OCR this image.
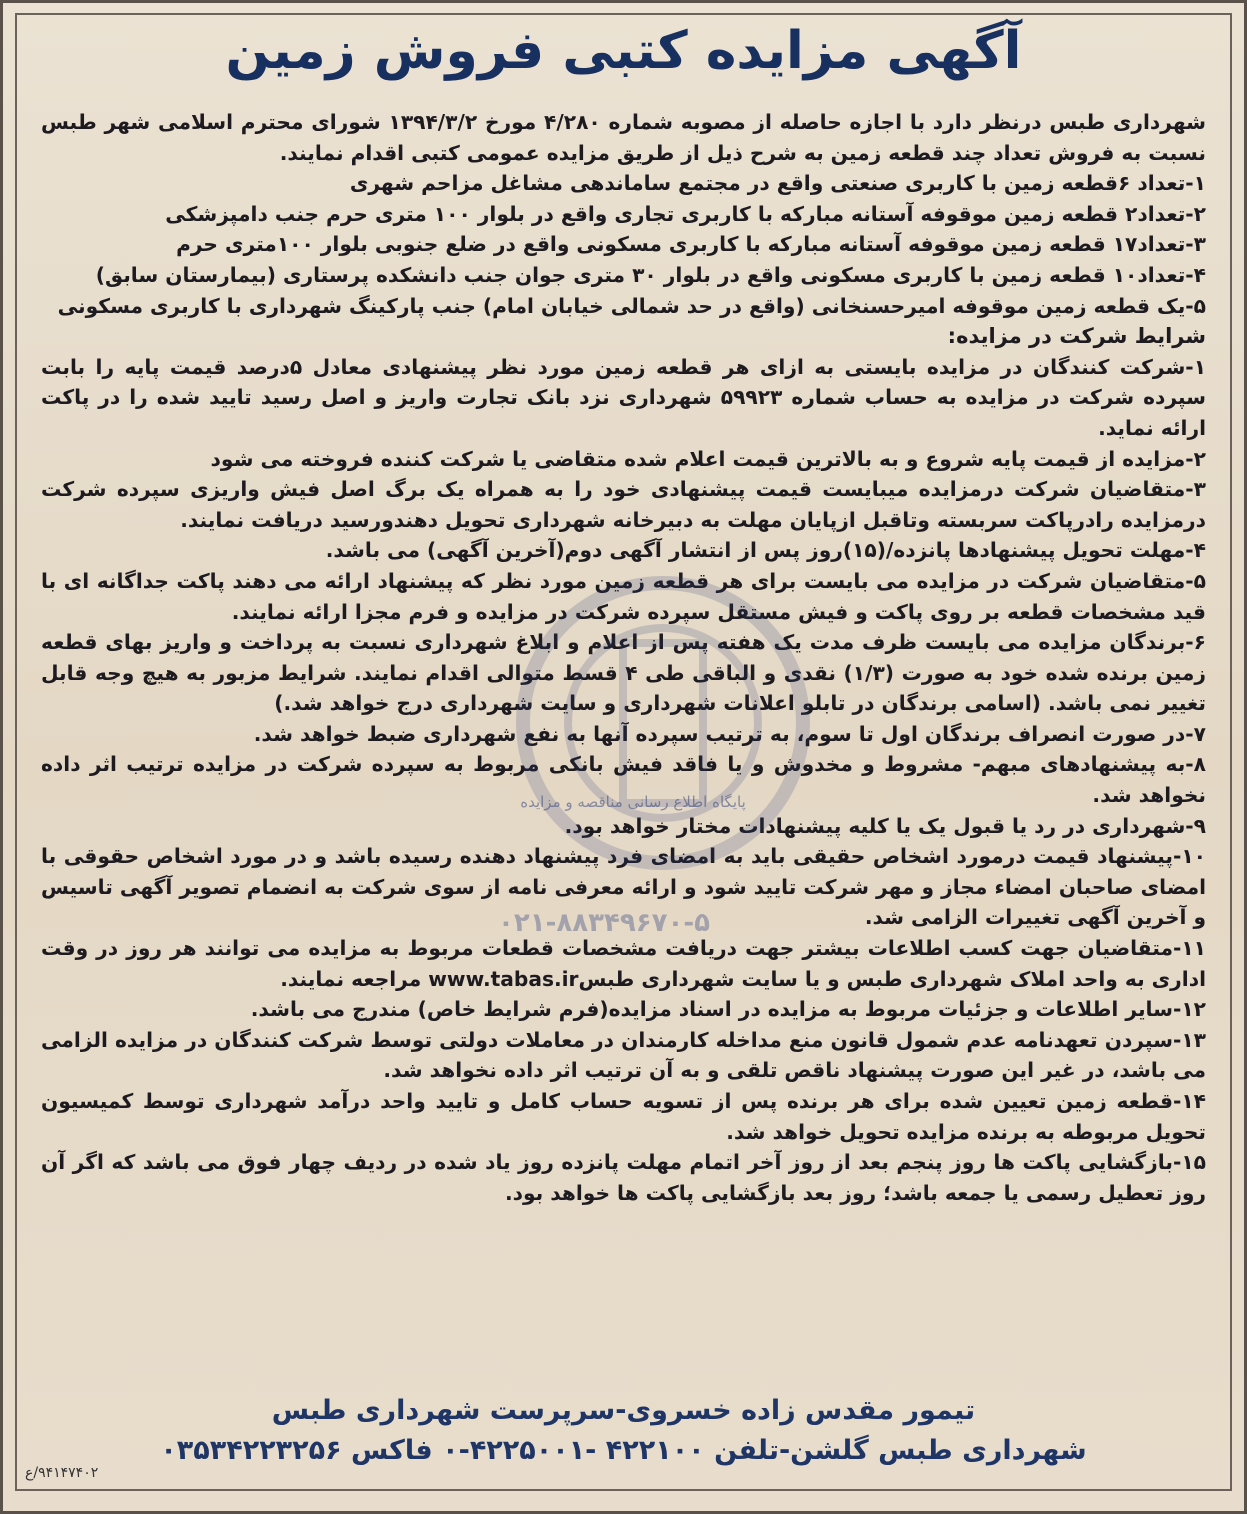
آگهی مزایده کتبی فروش زمین

شهرداری طبس درنظر دارد با اجازه حاصله از مصوبه شماره ۴/۲۸۰ مورخ ۱۳۹۴/۳/۲ شورای محترم اسلامی شهر طبس نسبت به فروش تعداد چند قطعه زمین به شرح ذیل از طریق مزایده عمومی کتبی اقدام نمایند.

۱-تعداد ۶قطعه زمین با کاربری صنعتی واقع در مجتمع ساماندهی مشاغل مزاحم شهری

۲-تعداد۲ قطعه زمین موقوفه آستانه مبارکه با کاربری تجاری واقع در بلوار ۱۰۰ متری حرم جنب دامپزشکی

۳-تعداد۱۷ قطعه زمین موقوفه آستانه مبارکه با کاربری مسکونی واقع در ضلع جنوبی بلوار ۱۰۰متری حرم

۴-تعداد۱۰ قطعه زمین با کاربری مسکونی واقع در بلوار ۳۰ متری جوان جنب دانشکده پرستاری (بیمارستان سابق)

۵-یک قطعه زمین موقوفه امیرحسنخانی (واقع در حد شمالی خیابان امام) جنب پارکینگ شهرداری با کاربری مسکونی

شرایط شرکت در مزایده:

۱-شرکت کنندگان در مزایده بایستی به ازای هر قطعه زمین مورد نظر پیشنهادی معادل ۵درصد قیمت پایه را بابت سپرده شرکت در مزایده به حساب شماره ۵۹۹۲۳ شهرداری نزد بانک تجارت واریز و اصل رسید تایید شده را در پاکت ارائه نماید.

۲-مزایده از قیمت پایه شروع و به بالاترین قیمت اعلام شده متقاضی یا شرکت کننده فروخته می شود

۳-متقاضیان شرکت درمزایده میبایست قیمت پیشنهادی خود را به همراه یک برگ اصل فیش واریزی سپرده شرکت درمزایده رادرپاکت سربسته وتاقبل ازپایان مهلت به دبیرخانه شهرداری تحویل دهندورسید دریافت نمایند.

۴-مهلت تحویل پیشنهادها پانزده/(۱۵)روز پس از انتشار آگهی دوم(آخرین آگهی) می باشد.

۵-متقاضیان شرکت در مزایده می بایست برای هر قطعه زمین مورد نظر که پیشنهاد ارائه می دهند پاکت جداگانه ای با قید مشخصات قطعه بر روی پاکت و فیش مستقل سپرده شرکت در مزایده و فرم مجزا ارائه نمایند.

۶-برندگان مزایده می بایست ظرف مدت یک هفته پس از اعلام و ابلاغ شهرداری نسبت به پرداخت و واریز بهای قطعه زمین برنده شده خود به صورت (۱/۳) نقدی و الباقی طی ۴ قسط متوالی اقدام نمایند. شرایط مزبور به هیچ وجه قابل تغییر نمی باشد. (اسامی برندگان در تابلو اعلانات شهرداری و سایت شهرداری درج خواهد شد.)

۷-در صورت انصراف برندگان اول تا سوم، به ترتیب سپرده آنها به نفع شهرداری ضبط خواهد شد.

۸-به پیشنهادهای مبهم- مشروط و مخدوش و یا فاقد فیش بانکی مربوط به سپرده شرکت در مزایده ترتیب اثر داده نخواهد شد.

۹-شهرداری در رد یا قبول یک یا کلیه پیشنهادات مختار خواهد بود.

۱۰-پیشنهاد قیمت درمورد اشخاص حقیقی باید به امضای فرد پیشنهاد دهنده رسیده باشد و در مورد اشخاص حقوقی با امضای صاحبان امضاء مجاز و مهر شرکت تایید شود و ارائه معرفی نامه از سوی شرکت به انضمام تصویر آگهی تاسیس و آخرین آگهی تغییرات الزامی شد.

۱۱-متقاضیان جهت کسب اطلاعات بیشتر جهت دریافت مشخصات قطعات مربوط به مزایده می توانند هر روز در وقت اداری به واحد املاک شهرداری طبس و یا سایت شهرداری طبسwww.tabas.ir مراجعه نمایند.

۱۲-سایر اطلاعات و جزئیات مربوط به مزایده در اسناد مزایده(فرم شرایط خاص) مندرج می باشد.

۱۳-سپردن تعهدنامه عدم شمول قانون منع مداخله کارمندان در معاملات دولتی توسط شرکت کنندگان در مزایده الزامی می باشد، در غیر این صورت پیشنهاد ناقص تلقی و به آن ترتیب اثر داده نخواهد شد.

۱۴-قطعه زمین تعیین شده برای هر برنده پس از تسویه حساب کامل و تایید واحد درآمد شهرداری توسط کمیسیون تحویل مربوطه به برنده مزایده تحویل خواهد شد.

۱۵-بازگشایی پاکت ها روز پنجم بعد از روز آخر اتمام مهلت پانزده روز یاد شده در ردیف چهار فوق می باشد که اگر آن روز تعطیل رسمی یا جمعه باشد؛ روز بعد بازگشایی پاکت ها خواهد بود.

پایگاه اطلاع رسانی مناقصه و مزایده
۰۲۱-۸۸۳۴۹۶۷۰-۵
تیمور مقدس زاده خسروی-سرپرست شهرداری طبس
شهرداری طبس گلشن-تلفن ۴۲۲۱۰۰ -۴۲۲۵۰۰۱-۰ فاکس ۰۳۵۳۴۲۲۳۲۵۶
۹۴۱۴۷۴۰۲/ع
